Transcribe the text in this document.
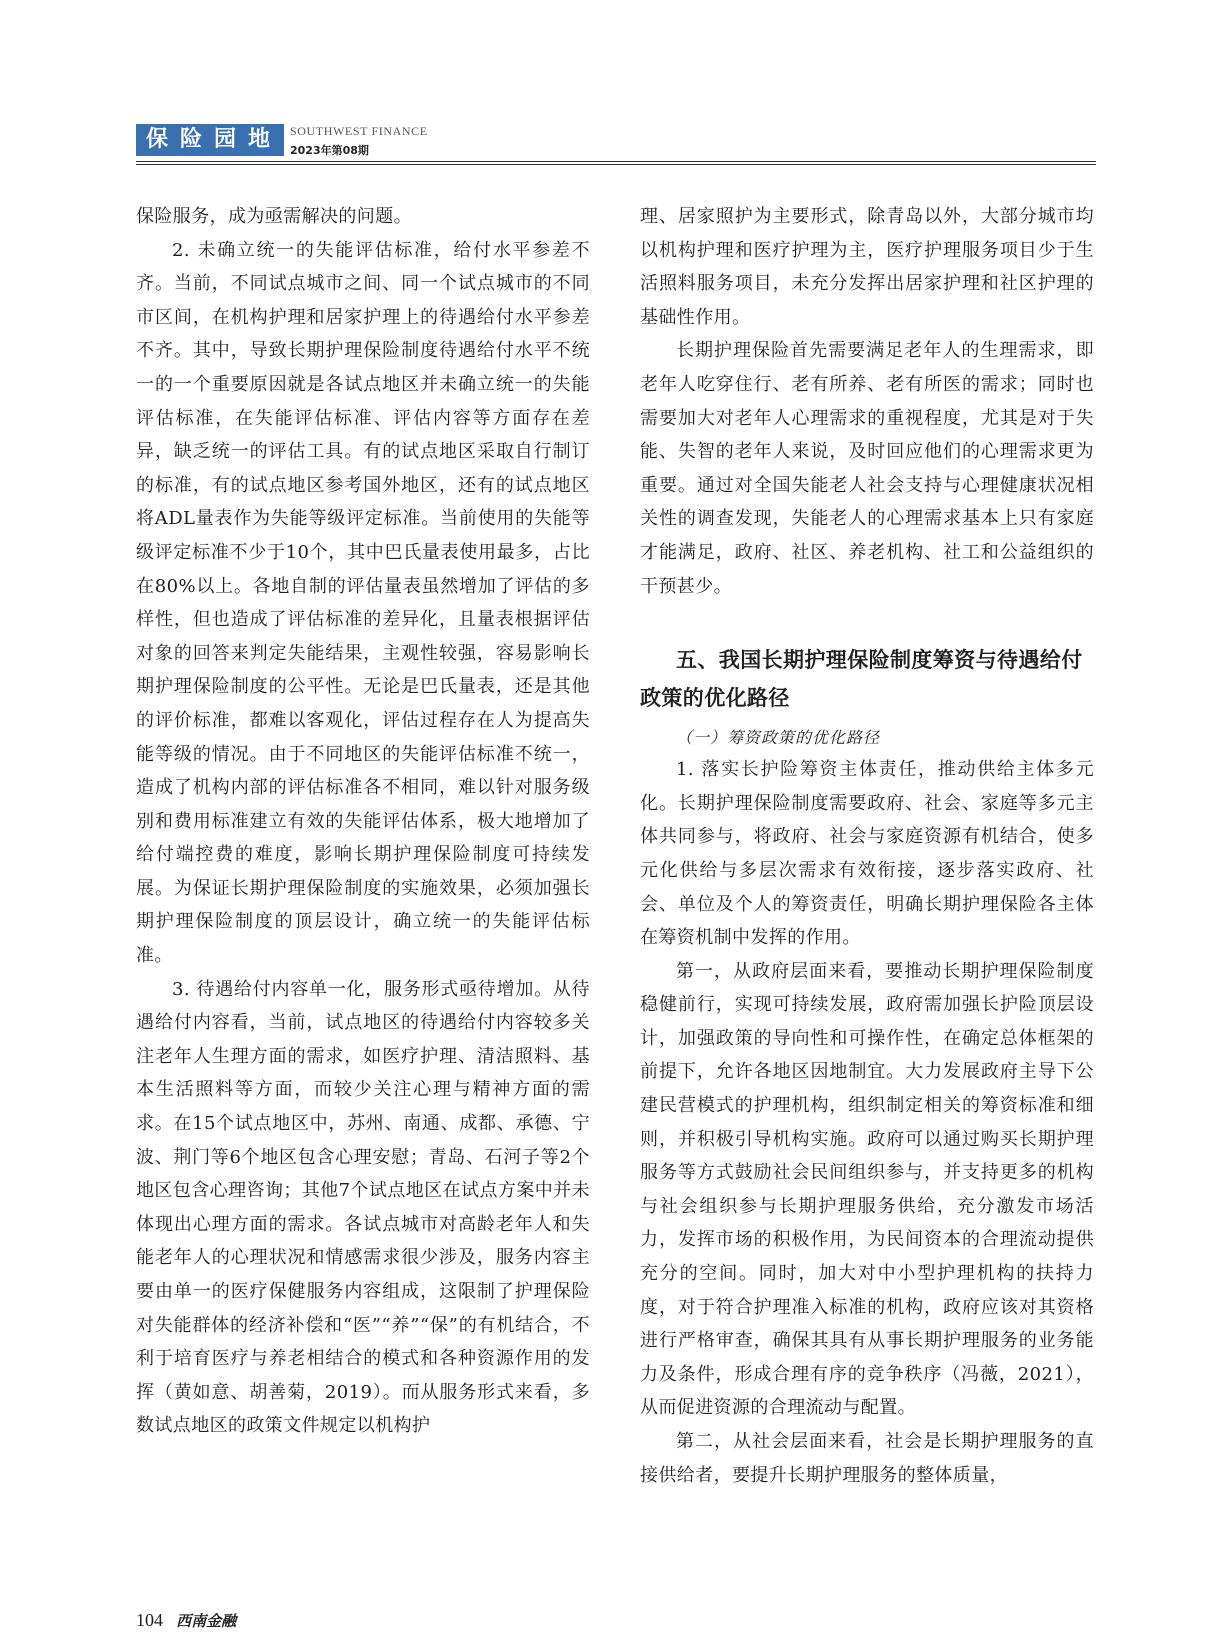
保险园地 SOUTHWEST FINANCE
2023年第08期

保险服务，成为亟需解决的问题。

2. 未确立统一的失能评估标准，给付水平参差不齐。当前，不同试点城市之间、同一个试点城市的不同市区间，在机构护理和居家护理上的待遇给付水平参差不齐。其中，导致长期护理保险制度待遇给付水平不统一的一个重要原因就是各试点地区并未确立统一的失能评估标准，在失能评估标准、评估内容等方面存在差异，缺乏统一的评估工具。有的试点地区采取自行制订的标准，有的试点地区参考国外地区，还有的试点地区将ADL量表作为失能等级评定标准。当前使用的失能等级评定标准不少于10个，其中巴氏量表使用最多，占比在80%以上。各地自制的评估量表虽然增加了评估的多样性，但也造成了评估标准的差异化，且量表根据评估对象的回答来判定失能结果，主观性较强，容易影响长期护理保险制度的公平性。无论是巴氏量表，还是其他的评价标准，都难以客观化，评估过程存在人为提高失能等级的情况。由于不同地区的失能评估标准不统一，造成了机构内部的评估标准各不相同，难以针对服务级别和费用标准建立有效的失能评估体系，极大地增加了给付端控费的难度，影响长期护理保险制度可持续发展。为保证长期护理保险制度的实施效果，必须加强长期护理保险制度的顶层设计，确立统一的失能评估标准。

3. 待遇给付内容单一化，服务形式亟待增加。从待遇给付内容看，当前，试点地区的待遇给付内容较多关注老年人生理方面的需求，如医疗护理、清洁照料、基本生活照料等方面，而较少关注心理与精神方面的需求。在15个试点地区中，苏州、南通、成都、承德、宁波、荆门等6个地区包含心理安慰；青岛、石河子等2个地区包含心理咨询；其他7个试点地区在试点方案中并未体现出心理方面的需求。各试点城市对高龄老年人和失能老年人的心理状况和情感需求很少涉及，服务内容主要由单一的医疗保健服务内容组成，这限制了护理保险对失能群体的经济补偿和“医”“养”“保”的有机结合，不利于培育医疗与养老相结合的模式和各种资源作用的发挥（黄如意、胡善菊，2019）。而从服务形式来看，多数试点地区的政策文件规定以机构护

理、居家照护为主要形式，除青岛以外，大部分城市均以机构护理和医疗护理为主，医疗护理服务项目少于生活照料服务项目，未充分发挥出居家护理和社区护理的基础性作用。

长期护理保险首先需要满足老年人的生理需求，即老年人吃穿住行、老有所养、老有所医的需求；同时也需要加大对老年人心理需求的重视程度，尤其是对于失能、失智的老年人来说，及时回应他们的心理需求更为重要。通过对全国失能老人社会支持与心理健康状况相关性的调查发现，失能老人的心理需求基本上只有家庭才能满足，政府、社区、养老机构、社工和公益组织的干预甚少。

五、我国长期护理保险制度筹资与待遇给付政策的优化路径

（一）筹资政策的优化路径

1. 落实长护险筹资主体责任，推动供给主体多元化。长期护理保险制度需要政府、社会、家庭等多元主体共同参与，将政府、社会与家庭资源有机结合，使多元化供给与多层次需求有效衔接，逐步落实政府、社会、单位及个人的筹资责任，明确长期护理保险各主体在筹资机制中发挥的作用。

第一，从政府层面来看，要推动长期护理保险制度稳健前行，实现可持续发展，政府需加强长护险顶层设计，加强政策的导向性和可操作性，在确定总体框架的前提下，允许各地区因地制宜。大力发展政府主导下公建民营模式的护理机构，组织制定相关的筹资标准和细则，并积极引导机构实施。政府可以通过购买长期护理服务等方式鼓励社会民间组织参与，并支持更多的机构与社会组织参与长期护理服务供给，充分激发市场活力，发挥市场的积极作用，为民间资本的合理流动提供充分的空间。同时，加大对中小型护理机构的扶持力度，对于符合护理准入标准的机构，政府应该对其资格进行严格审查，确保其具有从事长期护理服务的业务能力及条件，形成合理有序的竞争秩序（冯薇，2021），从而促进资源的合理流动与配置。

第二，从社会层面来看，社会是长期护理服务的直接供给者，要提升长期护理服务的整体质量，

104 西南金融
